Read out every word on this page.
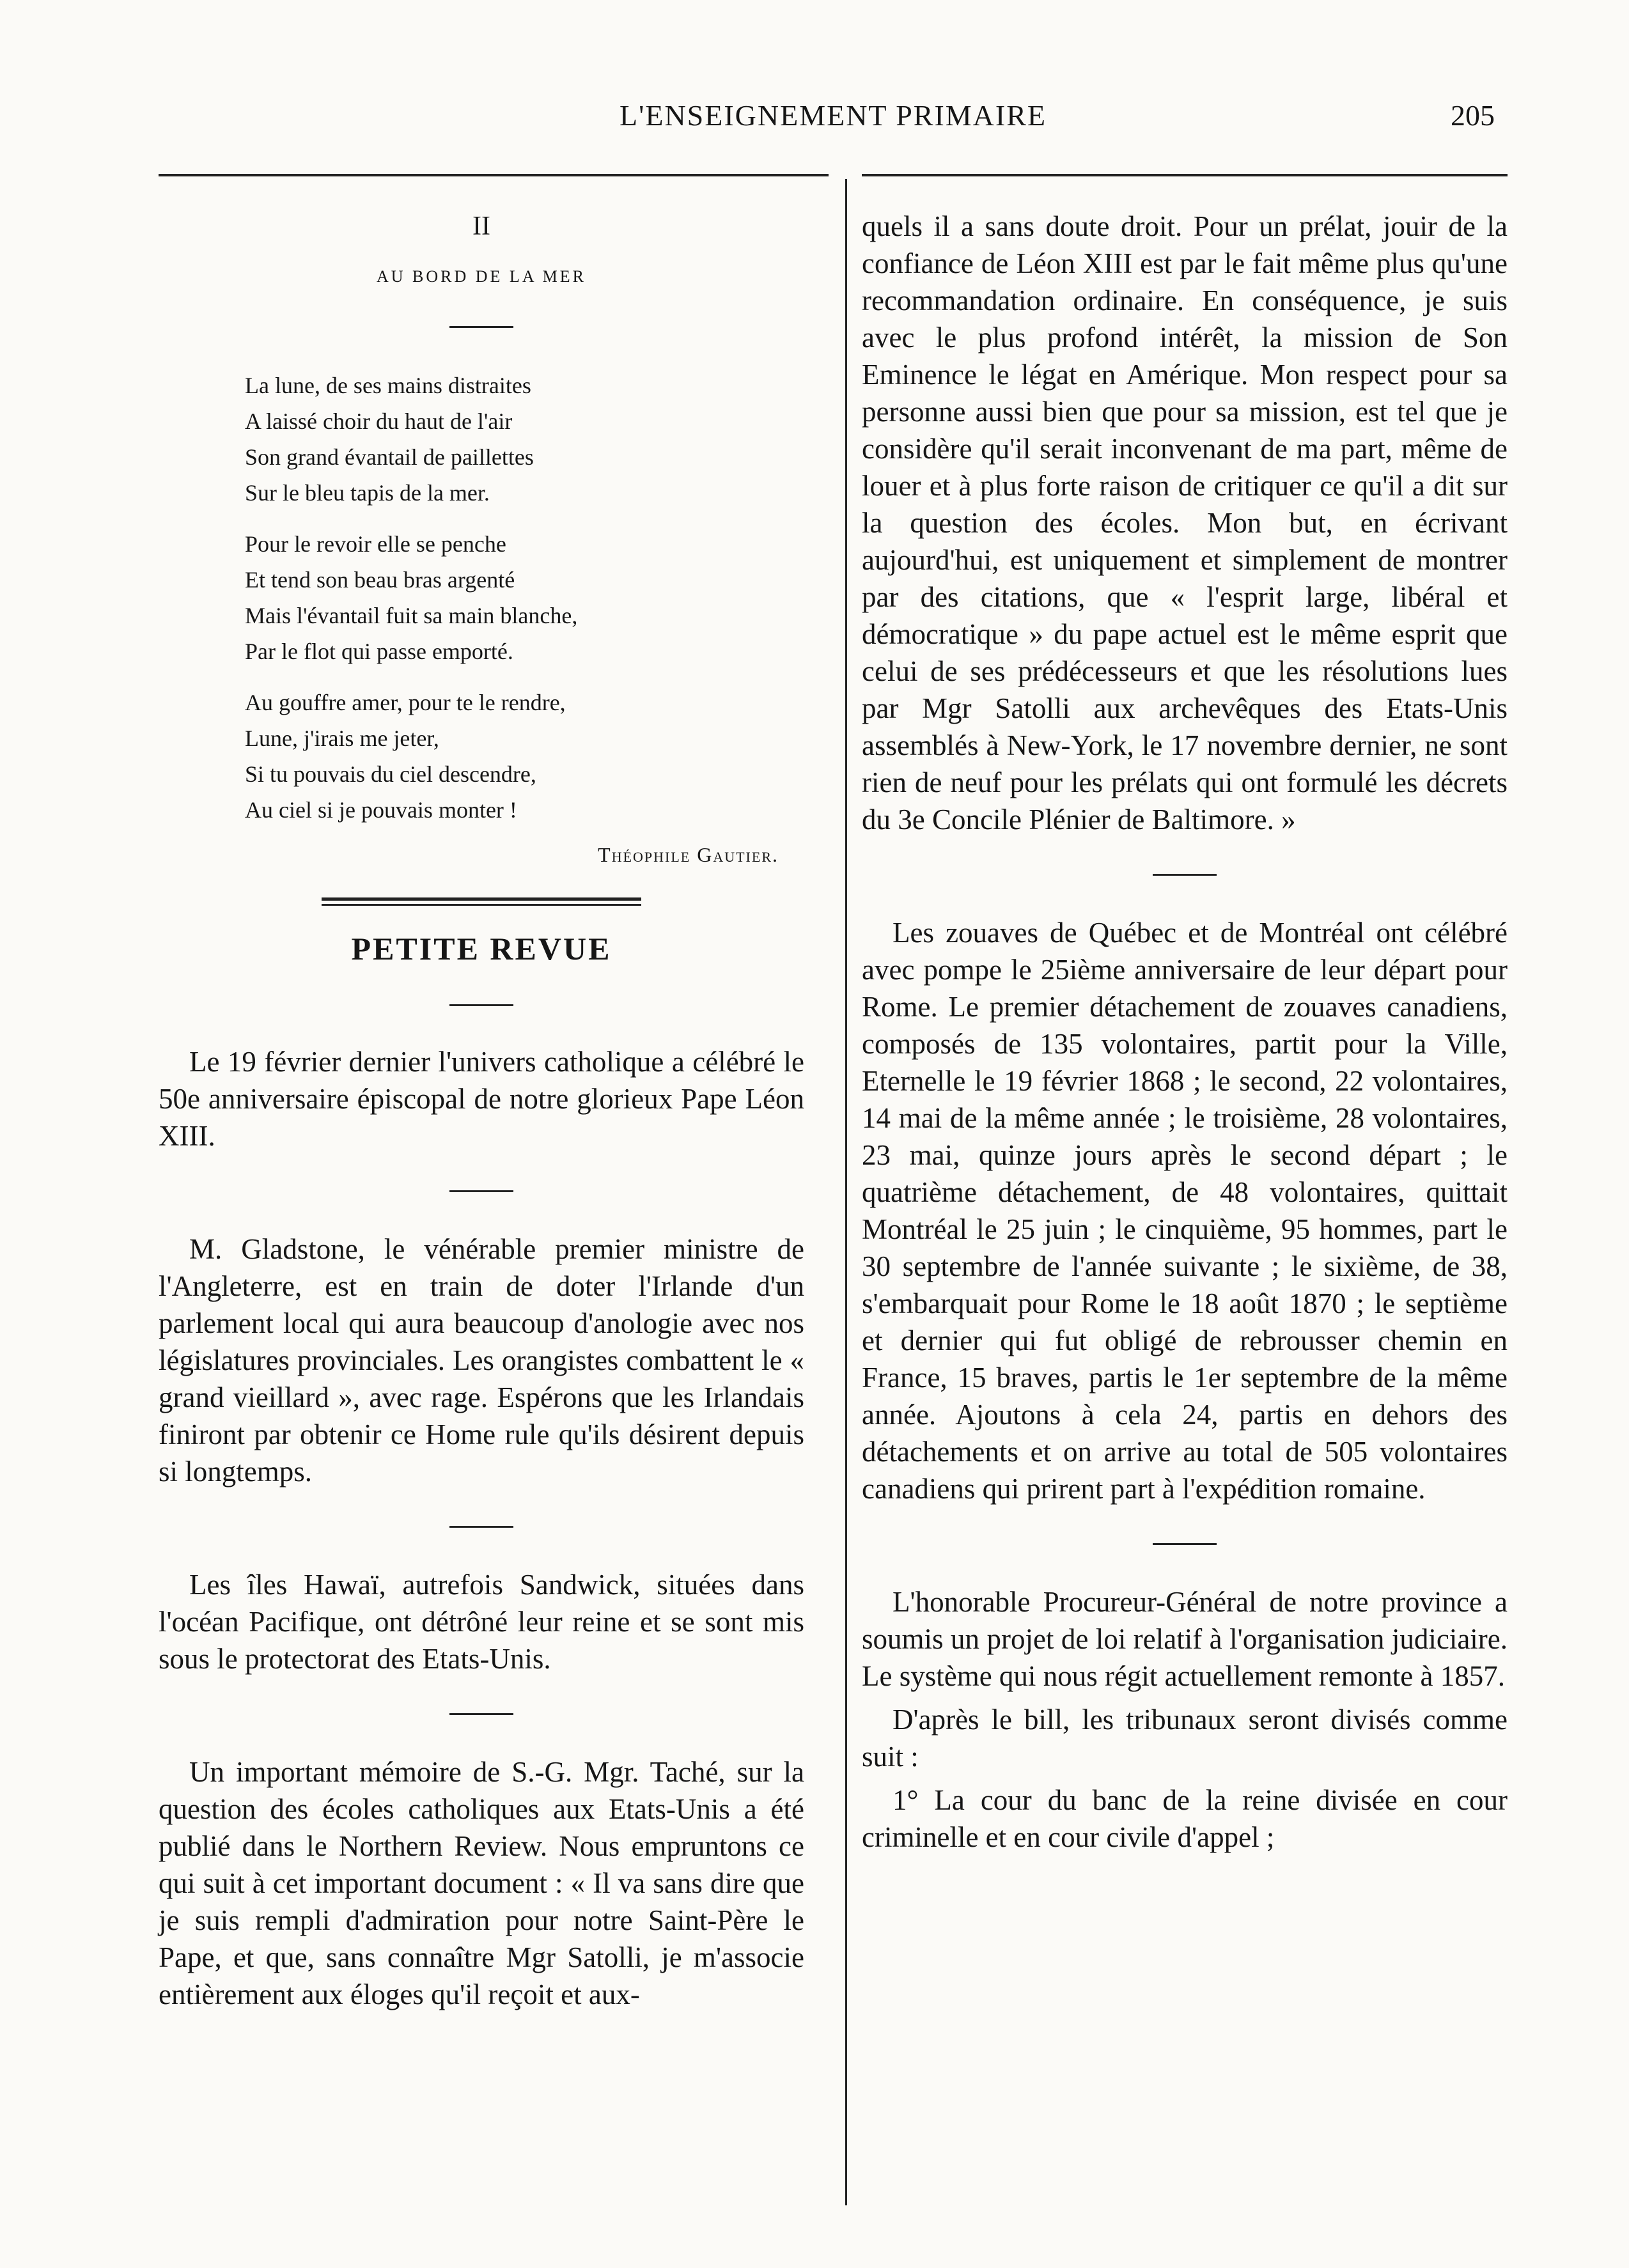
L'ENSEIGNEMENT PRIMAIRE	205
II
AU BORD DE LA MER
La lune, de ses mains distraites
A laissé choir du haut de l'air
Son grand évantail de paillettes
Sur le bleu tapis de la mer.
Pour le revoir elle se penche
Et tend son beau bras argenté
Mais l'évantail fuit sa main blanche,
Par le flot qui passe emporté.
Au gouffre amer, pour te le rendre,
Lune, j'irais me jeter,
Si tu pouvais du ciel descendre,
Au ciel si je pouvais monter !
Théophile Gautier.
PETITE REVUE

Le 19 février dernier l'univers catholique a célébré le 50e anniversaire épiscopal de notre glorieux Pape Léon XIII.

M. Gladstone, le vénérable premier ministre de l'Angleterre, est en train de doter l'Irlande d'un parlement local qui aura beaucoup d'anologie avec nos législatures provinciales. Les orangistes combattent le « grand vieillard », avec rage. Espérons que les Irlandais finiront par obtenir ce Home rule qu'ils désirent depuis si longtemps.

Les îles Hawaï, autrefois Sandwick, situées dans l'océan Pacifique, ont détrôné leur reine et se sont mis sous le protectorat des Etats-Unis.

Un important mémoire de S.-G. Mgr. Taché, sur la question des écoles catholiques aux Etats-Unis a été publié dans le Northern Review. Nous empruntons ce qui suit à cet important document : « Il va sans dire que je suis rempli d'admiration pour notre Saint-Père le Pape, et que, sans connaître Mgr Satolli, je m'associe entièrement aux éloges qu'il reçoit et aux-

quels il a sans doute droit. Pour un prélat, jouir de la confiance de Léon XIII est par le fait même plus qu'une recommandation ordinaire. En conséquence, je suis avec le plus profond intérêt, la mission de Son Eminence le légat en Amérique. Mon respect pour sa personne aussi bien que pour sa mission, est tel que je considère qu'il serait inconvenant de ma part, même de louer et à plus forte raison de critiquer ce qu'il a dit sur la question des écoles. Mon but, en écrivant aujourd'hui, est uniquement et simplement de montrer par des citations, que « l'esprit large, libéral et démocratique » du pape actuel est le même esprit que celui de ses prédécesseurs et que les résolutions lues par Mgr Satolli aux archevêques des Etats-Unis assemblés à New-York, le 17 novembre dernier, ne sont rien de neuf pour les prélats qui ont formulé les décrets du 3e Concile Plénier de Baltimore. »

Les zouaves de Québec et de Montréal ont célébré avec pompe le 25ième anniversaire de leur départ pour Rome. Le premier détachement de zouaves canadiens, composés de 135 volontaires, partit pour la Ville, Eternelle le 19 février 1868 ; le second, 22 volontaires, 14 mai de la même année ; le troisième, 28 volontaires, 23 mai, quinze jours après le second départ ; le quatrième détachement, de 48 volontaires, quittait Montréal le 25 juin ; le cinquième, 95 hommes, part le 30 septembre de l'année suivante ; le sixième, de 38, s'embarquait pour Rome le 18 août 1870 ; le septième et dernier qui fut obligé de rebrousser chemin en France, 15 braves, partis le 1er septembre de la même année. Ajoutons à cela 24, partis en dehors des détachements et on arrive au total de 505 volontaires canadiens qui prirent part à l'expédition romaine.

L'honorable Procureur-Général de notre province a soumis un projet de loi relatif à l'organisation judiciaire. Le système qui nous régit actuellement remonte à 1857.

D'après le bill, les tribunaux seront divisés comme suit :

1° La cour du banc de la reine divisée en cour criminelle et en cour civile d'appel ;
